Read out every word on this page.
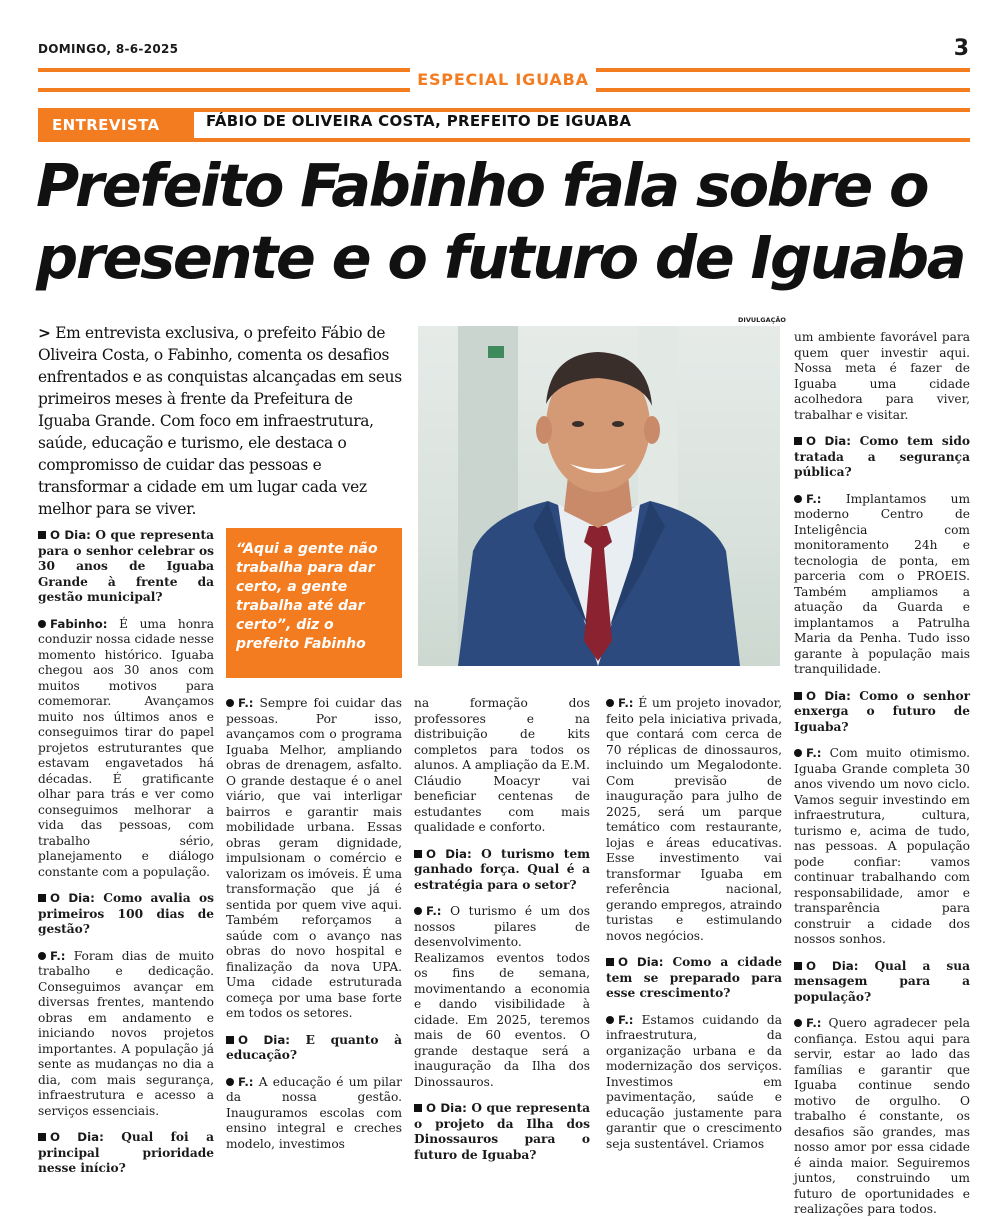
DOMINGO, 8-6-2025	3
ESPECIAL IGUABA
ENTREVISTA	FÁBIO DE OLIVEIRA COSTA, PREFEITO DE IGUABA
Prefeito Fabinho fala sobre o
presente e o futuro de Iguaba
> Em entrevista exclusiva, o prefeito Fábio de Oliveira Costa, o Fabinho, comenta os desafios enfrentados e as conquistas alcançadas em seus primeiros meses à frente da Prefeitura de Iguaba Grande. Com foco em infraestrutura, saúde, educação e turismo, ele destaca o compromisso de cuidar das pessoas e transformar a cidade em um lugar cada vez melhor para se viver.
DIVULGAÇÃO
“Aqui a gente não trabalha para dar certo, a gente trabalha até dar certo”, diz o prefeito Fabinho

O Dia: O que representa para o senhor celebrar os 30 anos de Iguaba Grande à frente da gestão municipal?

Fabinho: É uma honra conduzir nossa cidade nesse momento histórico. Iguaba chegou aos 30 anos com muitos motivos para comemorar. Avançamos muito nos últimos anos e conseguimos tirar do papel projetos estruturantes que estavam engavetados há décadas. É gratificante olhar para trás e ver como conseguimos melhorar a vida das pessoas, com trabalho sério, planejamento e diálogo constante com a população.

O Dia: Como avalia os primeiros 100 dias de gestão?

F.: Foram dias de muito trabalho e dedicação. Conseguimos avançar em diversas frentes, mantendo obras em andamento e iniciando novos projetos importantes. A população já sente as mudanças no dia a dia, com mais segurança, infraestrutura e acesso a serviços essenciais.

O Dia: Qual foi a principal prioridade nesse início?

F.: Sempre foi cuidar das pessoas. Por isso, avançamos com o programa Iguaba Melhor, ampliando obras de drenagem, asfalto. O grande destaque é o anel viário, que vai interligar bairros e garantir mais mobilidade urbana. Essas obras geram dignidade, impulsionam o comércio e valorizam os imóveis. É uma transformação que já é sentida por quem vive aqui. Também reforçamos a saúde com o avanço nas obras do novo hospital e finalização da nova UPA. Uma cidade estruturada começa por uma base forte em todos os setores.

O Dia: E quanto à educação?

F.: A educação é um pilar da nossa gestão. Inauguramos escolas com ensino integral e creches modelo, investimos

na formação dos professores e na distribuição de kits completos para todos os alunos. A ampliação da E.M. Cláudio Moacyr vai beneficiar centenas de estudantes com mais qualidade e conforto.

O Dia: O turismo tem ganhado força. Qual é a estratégia para o setor?

F.: O turismo é um dos nossos pilares de desenvolvimento. Realizamos eventos todos os fins de semana, movimentando a economia e dando visibilidade à cidade. Em 2025, teremos mais de 60 eventos. O grande destaque será a inauguração da Ilha dos Dinossauros.

O Dia: O que representa o projeto da Ilha dos Dinossauros para o futuro de Iguaba?

F.: É um projeto inovador, feito pela iniciativa privada, que contará com cerca de 70 réplicas de dinossauros, incluindo um Megalodonte. Com previsão de inauguração para julho de 2025, será um parque temático com restaurante, lojas e áreas educativas. Esse investimento vai transformar Iguaba em referência nacional, gerando empregos, atraindo turistas e estimulando novos negócios.

O Dia: Como a cidade tem se preparado para esse crescimento?

F.: Estamos cuidando da infraestrutura, da organização urbana e da modernização dos serviços. Investimos em pavimentação, saúde e educação justamente para garantir que o crescimento seja sustentável. Criamos

um ambiente favorável para quem quer investir aqui. Nossa meta é fazer de Iguaba uma cidade acolhedora para viver, trabalhar e visitar.

O Dia: Como tem sido tratada a segurança pública?

F.: Implantamos um moderno Centro de Inteligência com monitoramento 24h e tecnologia de ponta, em parceria com o PROEIS. Também ampliamos a atuação da Guarda e implantamos a Patrulha Maria da Penha. Tudo isso garante à população mais tranquilidade.

O Dia: Como o senhor enxerga o futuro de Iguaba?

F.: Com muito otimismo. Iguaba Grande completa 30 anos vivendo um novo ciclo. Vamos seguir investindo em infraestrutura, cultura, turismo e, acima de tudo, nas pessoas. A população pode confiar: vamos continuar trabalhando com responsabilidade, amor e transparência para construir a cidade dos nossos sonhos.

O Dia: Qual a sua mensagem para a população?

F.: Quero agradecer pela confiança. Estou aqui para servir, estar ao lado das famílias e garantir que Iguaba continue sendo motivo de orgulho. O trabalho é constante, os desafios são grandes, mas nosso amor por essa cidade é ainda maior. Seguiremos juntos, construindo um futuro de oportunidades e realizações para todos.
